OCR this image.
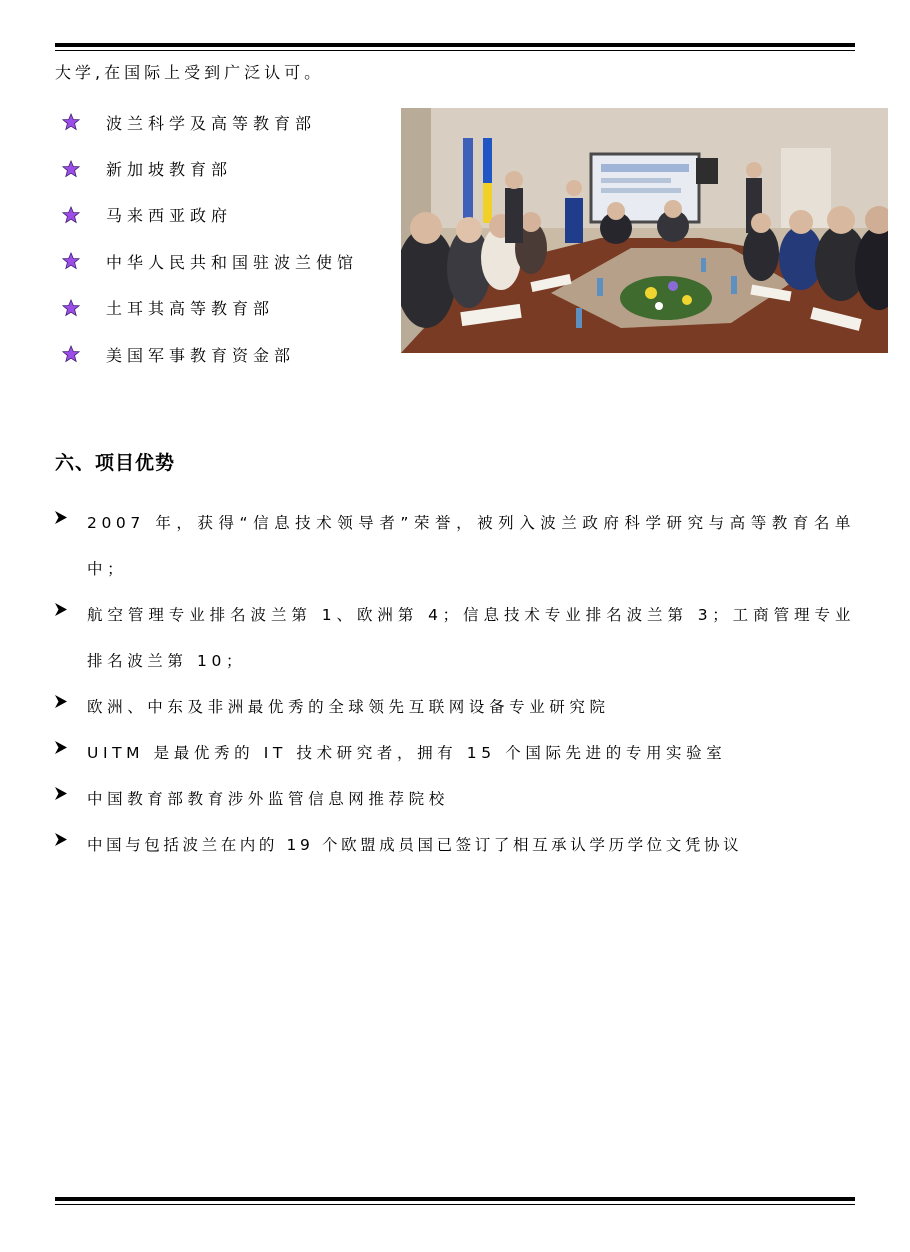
大学,在国际上受到广泛认可。
波兰科学及高等教育部
新加坡教育部
马来西亚政府
中华人民共和国驻波兰使馆
土耳其高等教育部
美国军事教育资金部
六、项目优势
2007 年，获得“信息技术领导者”荣誉，被列入波兰政府科学研究与高等教育名单中；
航空管理专业排名波兰第 1、欧洲第 4；信息技术专业排名波兰第 3；工商管理专业排名波兰第 10；
欧洲、中东及非洲最优秀的全球领先互联网设备专业研究院
UITM 是最优秀的 IT 技术研究者，拥有 15 个国际先进的专用实验室
中国教育部教育涉外监管信息网推荐院校
中国与包括波兰在内的 19 个欧盟成员国已签订了相互承认学历学位文凭协议
